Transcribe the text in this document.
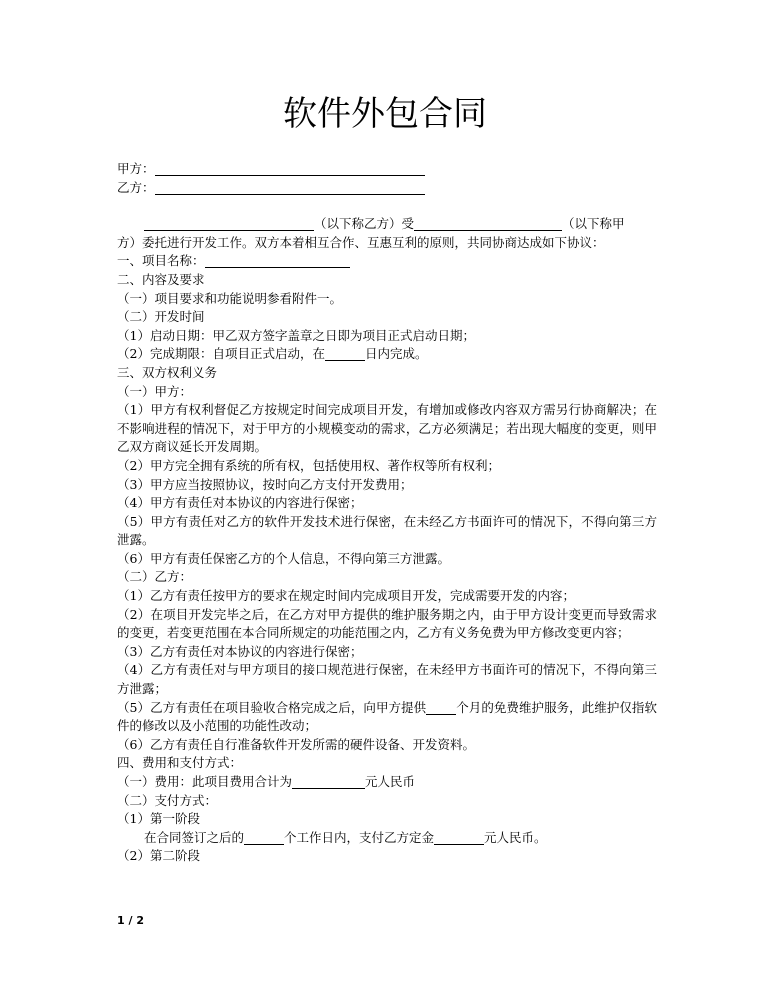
软件外包合同
甲方：
乙方：
（以下称乙方）受	（以下称甲
方）委托进行开发工作。双方本着相互合作、互惠互利的原则，共同协商达成如下协议：
一、项目名称：
二、内容及要求
（一）项目要求和功能说明参看附件一。
（二）开发时间
（1）启动日期：甲乙双方签字盖章之日即为项目正式启动日期；
（2）完成期限：自项目正式启动，在	日内完成。
三、双方权利义务
（一）甲方：
（1）甲方有权利督促乙方按规定时间完成项目开发，有增加或修改内容双方需另行协商解决；在不影响进程的情况下，对于甲方的小规模变动的需求，乙方必须满足；若出现大幅度的变更，则甲乙双方商议延长开发周期。
（2）甲方完全拥有系统的所有权，包括使用权、著作权等所有权利；
（3）甲方应当按照协议，按时向乙方支付开发费用；
（4）甲方有责任对本协议的内容进行保密；
（5）甲方有责任对乙方的软件开发技术进行保密，在未经乙方书面许可的情况下，不得向第三方泄露。
（6）甲方有责任保密乙方的个人信息，不得向第三方泄露。
（二）乙方：
（1）乙方有责任按甲方的要求在规定时间内完成项目开发，完成需要开发的内容；
（2）在项目开发完毕之后，在乙方对甲方提供的维护服务期之内，由于甲方设计变更而导致需求的变更，若变更范围在本合同所规定的功能范围之内，乙方有义务免费为甲方修改变更内容；
（3）乙方有责任对本协议的内容进行保密；
（4）乙方有责任对与甲方项目的接口规范进行保密，在未经甲方书面许可的情况下，不得向第三方泄露；
（5）乙方有责任在项目验收合格完成之后，向甲方提供 个月的免费维护服务，此维护仅指软件的修改以及小范围的功能性改动；
（6）乙方有责任自行准备软件开发所需的硬件设备、开发资料。
四、费用和支付方式：
（一）费用：此项目费用合计为	元人民币
（二）支付方式：
（1）第一阶段
在合同签订之后的	个工作日内，支付乙方定金	元人民币。
（2）第二阶段
1 / 2
